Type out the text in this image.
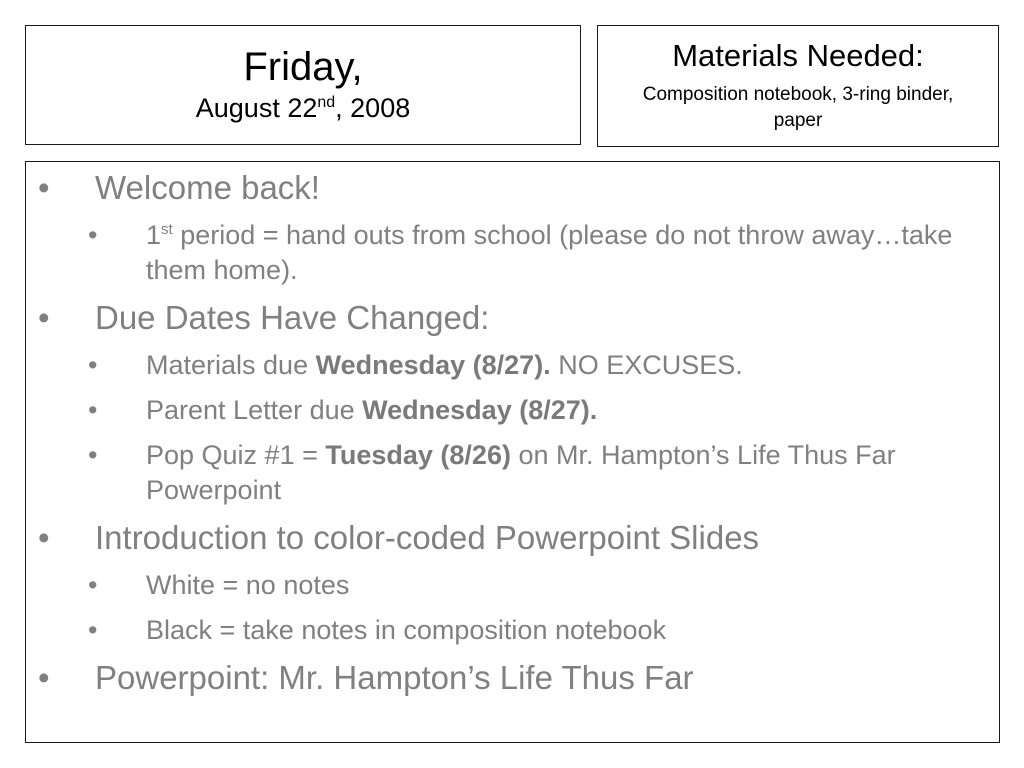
Friday,
August 22nd, 2008
Materials Needed:
Composition notebook, 3-ring binder, paper
• Welcome back!
• 1st period = hand outs from school (please do not throw away…take them home).
• Due Dates Have Changed:
• Materials due Wednesday (8/27). NO EXCUSES.
• Parent Letter due Wednesday (8/27).
• Pop Quiz #1 = Tuesday (8/26) on Mr. Hampton’s Life Thus Far Powerpoint
• Introduction to color-coded Powerpoint Slides
• White = no notes
• Black = take notes in composition notebook
• Powerpoint: Mr. Hampton’s Life Thus Far
